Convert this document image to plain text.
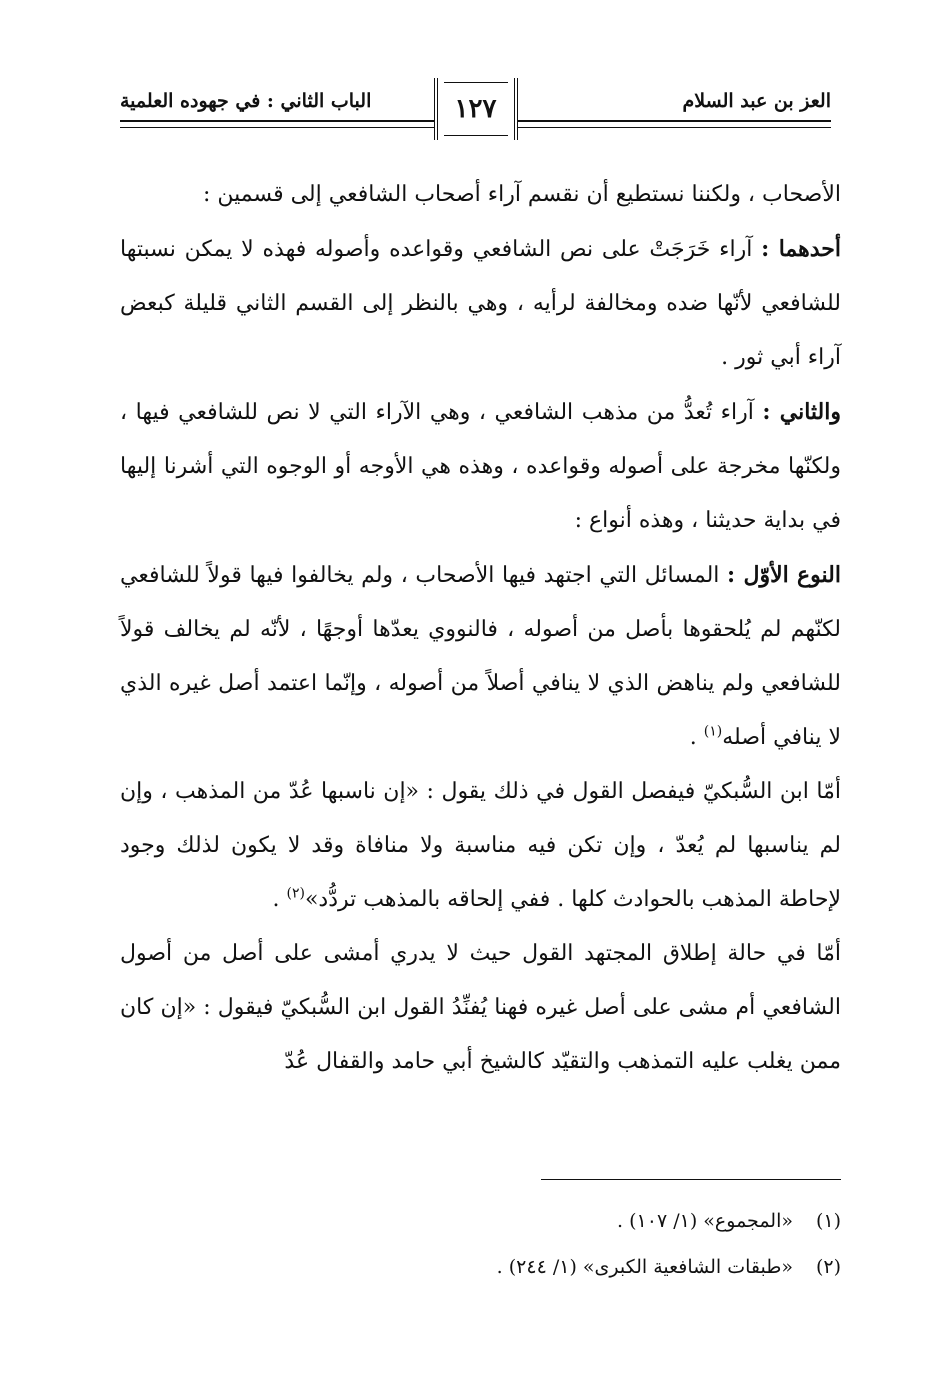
العز بن عبد السلام
١٢٧
الباب الثاني : في جهوده العلمية

الأصحاب ، ولكننا نستطيع أن نقسم آراء أصحاب الشافعي إلى قسمين :

أحدهما : آراء خَرَجَتْ على نص الشافعي وقواعده وأصوله فهذه لا يمكن نسبتها للشافعي لأنّها ضده ومخالفة لرأيه ، وهي بالنظر إلى القسم الثاني قليلة كبعض آراء أبي ثور .

والثاني : آراء تُعدُّ من مذهب الشافعي ، وهي الآراء التي لا نص للشافعي فيها ، ولكنّها مخرجة على أصوله وقواعده ، وهذه هي الأوجه أو الوجوه التي أشرنا إليها في بداية حديثنا ، وهذه أنواع :

النوع الأوّل : المسائل التي اجتهد فيها الأصحاب ، ولم يخالفوا فيها قولاً للشافعي لكنّهم لم يُلحقوها بأصل من أصوله ، فالنووي يعدّها أوجهًا ، لأنّه لم يخالف قولاً للشافعي ولم يناهض الذي لا ينافي أصلاً من أصوله ، وإنّما اعتمد أصل غيره الذي لا ينافي أصله$^{(١)}$ .

أمّا ابن السُّبكيّ فيفصل القول في ذلك يقول : «إن ناسبها عُدّ من المذهب ، وإن لم يناسبها لم يُعدّ ، وإن تكن فيه مناسبة ولا منافاة وقد لا يكون لذلك وجود لإحاطة المذهب بالحوادث كلها . ففي إلحاقه بالمذهب تردُّد»$^{(٢)}$ .

أمّا في حالة إطلاق المجتهد القول حيث لا يدري أمشى على أصل من أصول الشافعي أم مشى على أصل غيره فهنا يُفنِّدُ القول ابن السُّبكيّ فيقول : «إن كان ممن يغلب عليه التمذهب والتقيّد كالشيخ أبي حامد والقفال عُدّ

(١)«المجموع» (١/ ١٠٧) .
(٢)«طبقات الشافعية الكبرى» (١/ ٢٤٤) .
